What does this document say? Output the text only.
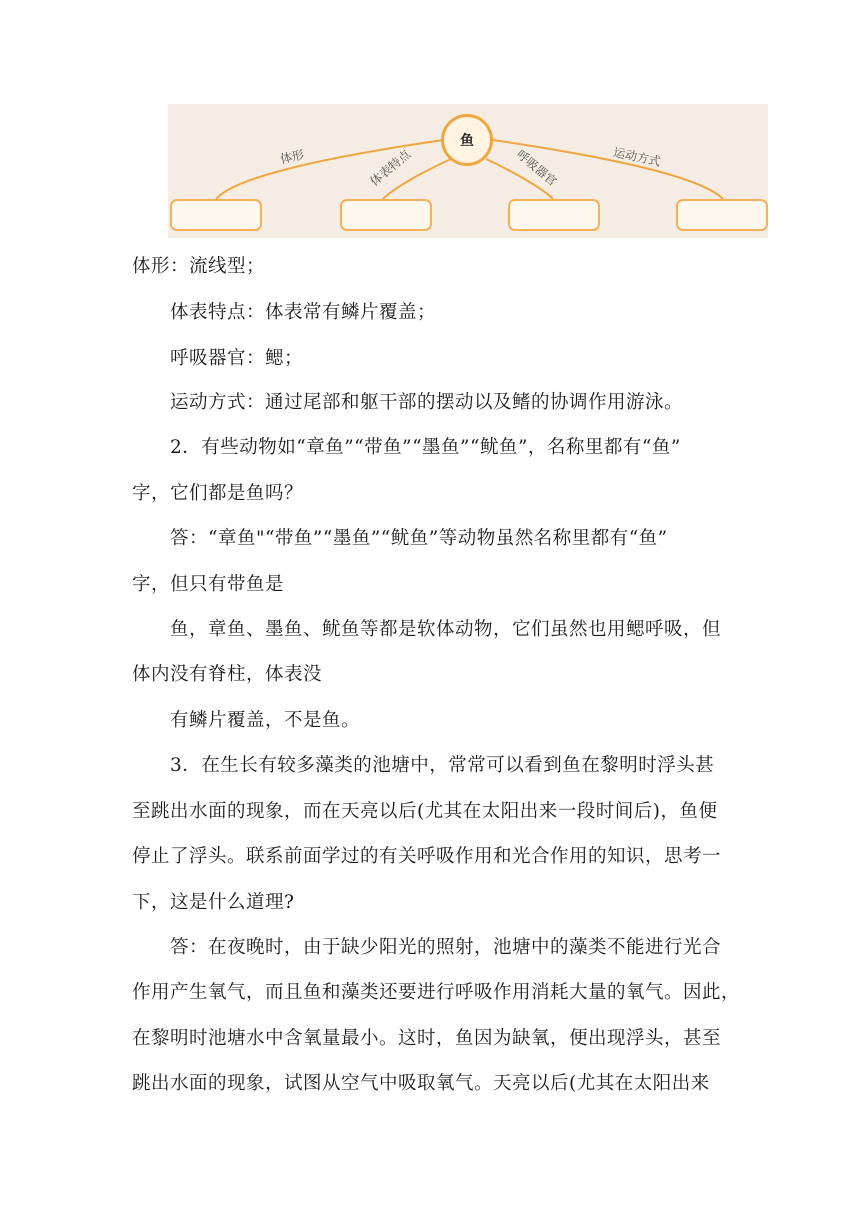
鱼
体形	体表特点	呼吸器官	运动方式
体形：流线型；
体表特点：体表常有鳞片覆盖；
呼吸器官：鳃；
运动方式：通过尾部和躯干部的摆动以及鳍的协调作用游泳。
2．有些动物如“章鱼”“带鱼”“墨鱼”“鱿鱼”，名称里都有“鱼”
字，它们都是鱼吗？
答：“章鱼"“带鱼”“墨鱼”“鱿鱼”等动物虽然名称里都有“鱼”
字，但只有带鱼是
鱼，章鱼、墨鱼、鱿鱼等都是软体动物，它们虽然也用鳃呼吸，但
体内没有脊柱，体表没
有鳞片覆盖，不是鱼。
3．在生长有较多藻类的池塘中，常常可以看到鱼在黎明时浮头甚
至跳出水面的现象，而在天亮以后(尤其在太阳出来一段时间后)，鱼便
停止了浮头。联系前面学过的有关呼吸作用和光合作用的知识，思考一
下，这是什么道理?
答：在夜晚时，由于缺少阳光的照射，池塘中的藻类不能进行光合
作用产生氧气，而且鱼和藻类还要进行呼吸作用消耗大量的氧气。因此，
在黎明时池塘水中含氧量最小。这时，鱼因为缺氧，便出现浮头，甚至
跳出水面的现象，试图从空气中吸取氧气。天亮以后(尤其在太阳出来
